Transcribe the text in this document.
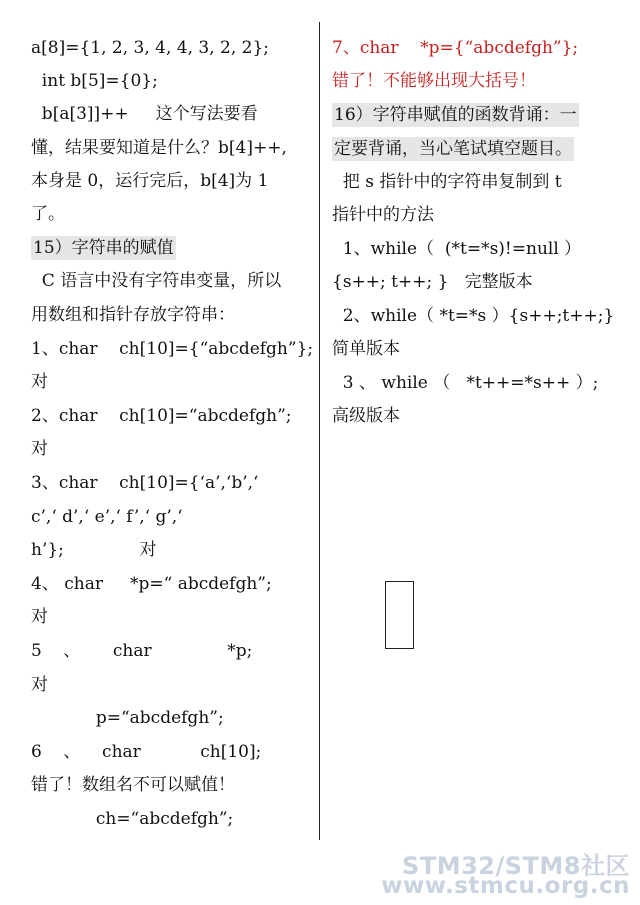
a[8]={1, 2, 3, 4, 4, 3, 2, 2};
int b[5]={0};
b[a[3]]++     这个写法要看
懂，结果要知道是什么？b[4]++,
本身是 0，运行完后，b[4]为 1
了。
15）字符串的赋值
C 语言中没有字符串变量，所以
用数组和指针存放字符串：
1、char    ch[10]={“abcdefgh”};
对
2、char    ch[10]=“abcdefgh”;
对
3、char    ch[10]={‘a’,‘b’,‘
c’,‘ d’,‘ e’,‘ f’,‘ g’,‘
h’};              对
4、 char     *p=“ abcdefgh”;
对
5    、      char              *p;
对
p=“abcdefgh”;
6    、    char           ch[10];
错了！数组名不可以赋值！
ch=“abcdefgh”;
7、char    *p={“abcdefgh”};
错了！不能够出现大括号！
16）字符串赋值的函数背诵：一
定要背诵，当心笔试填空题目。
把 s 指针中的字符串复制到 t
指针中的方法
1、while（  (*t=*s)!=null ）
{s++; t++; }   完整版本
2、while（ *t=*s ）{s++;t++;}
简单版本
3 、 while （   *t++=*s++ ）;
高级版本
STM32/STM8社区
www.stmcu.org.cn
